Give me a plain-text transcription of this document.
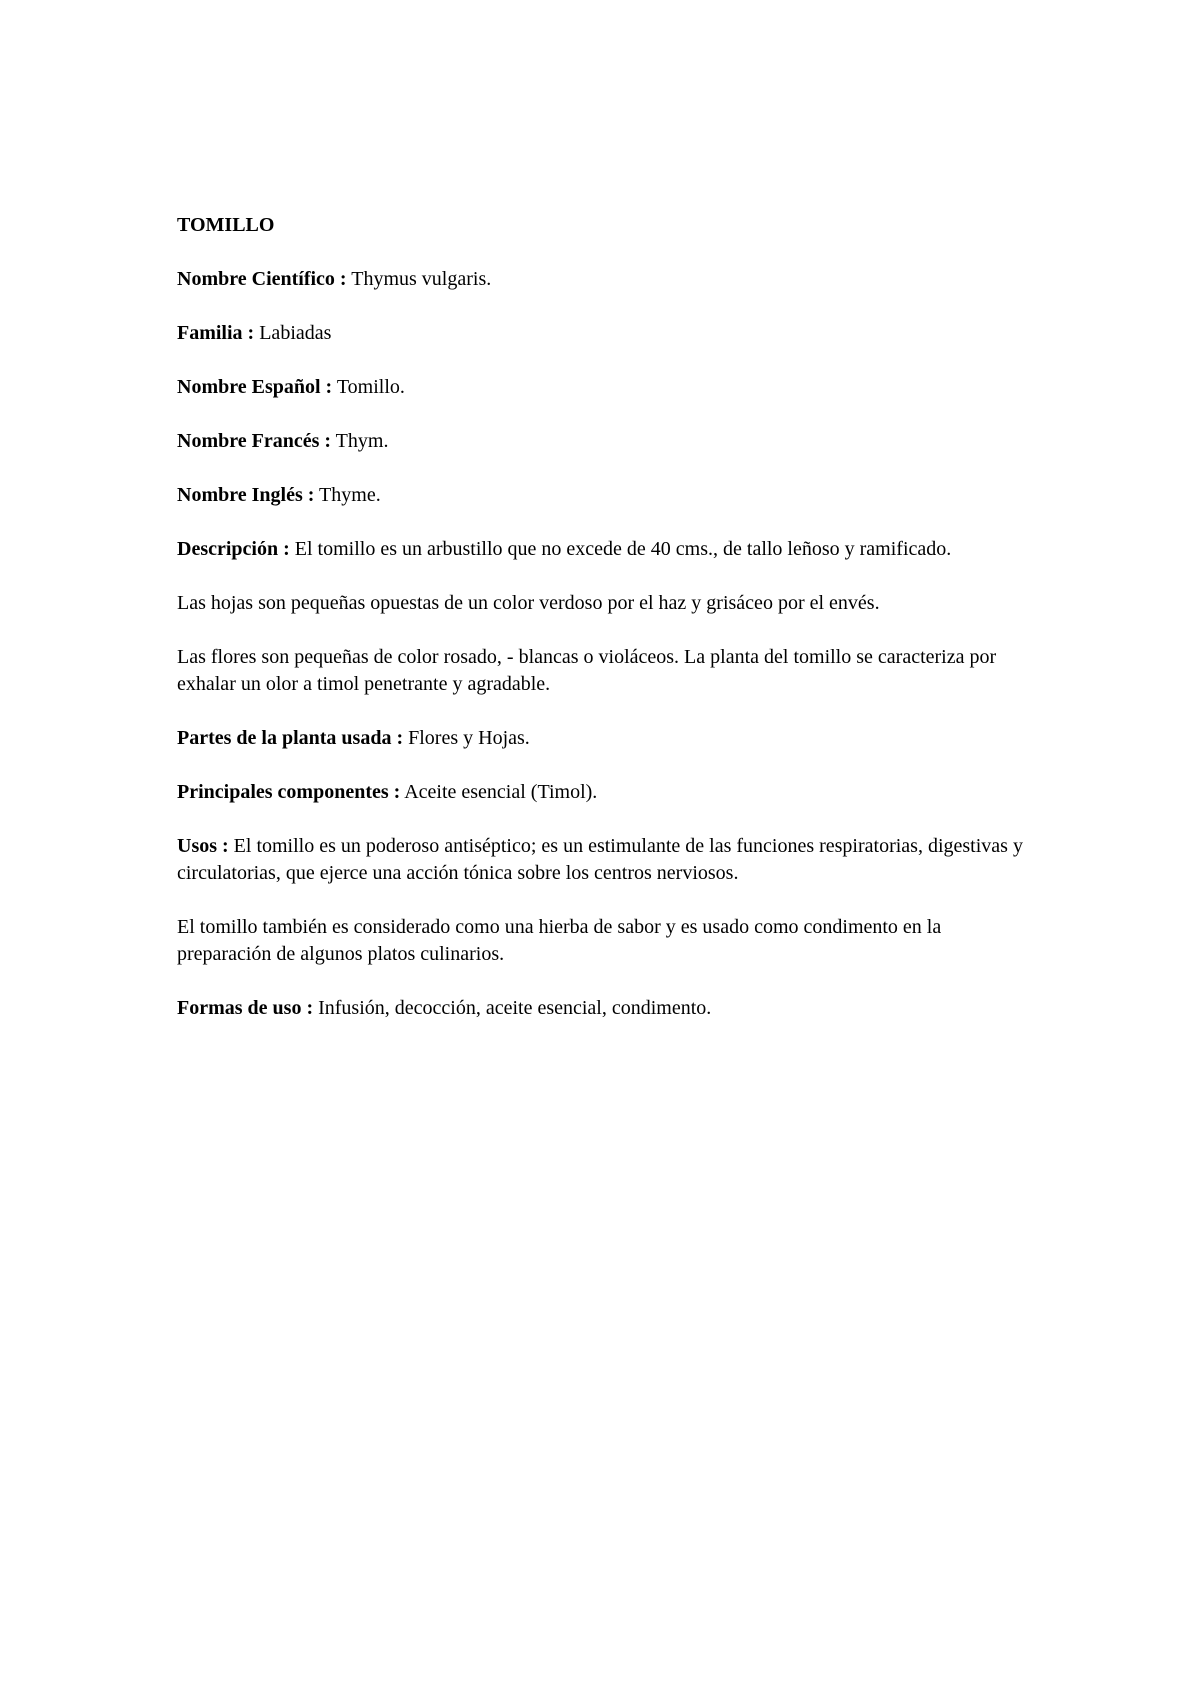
TOMILLO

Nombre Científico : Thymus vulgaris.

Familia : Labiadas

Nombre Español : Tomillo.

Nombre Francés : Thym.

Nombre Inglés : Thyme.

Descripción : El tomillo es un arbustillo que no excede de 40 cms., de tallo leñoso y ramificado.

Las hojas son pequeñas opuestas de un color verdoso por el haz y grisáceo por el envés.

Las flores son pequeñas de color rosado, - blancas o violáceos. La planta del tomillo se caracteriza por exhalar un olor a timol penetrante y agradable.

Partes de la planta usada : Flores y Hojas.

Principales componentes : Aceite esencial (Timol).

Usos : El tomillo es un poderoso antiséptico; es un estimulante de las funciones respiratorias, digestivas y circulatorias, que ejerce una acción tónica sobre los centros nerviosos.

El tomillo también es considerado como una hierba de sabor y es usado como condimento en la preparación de algunos platos culinarios.

Formas de uso : Infusión, decocción, aceite esencial, condimento.
